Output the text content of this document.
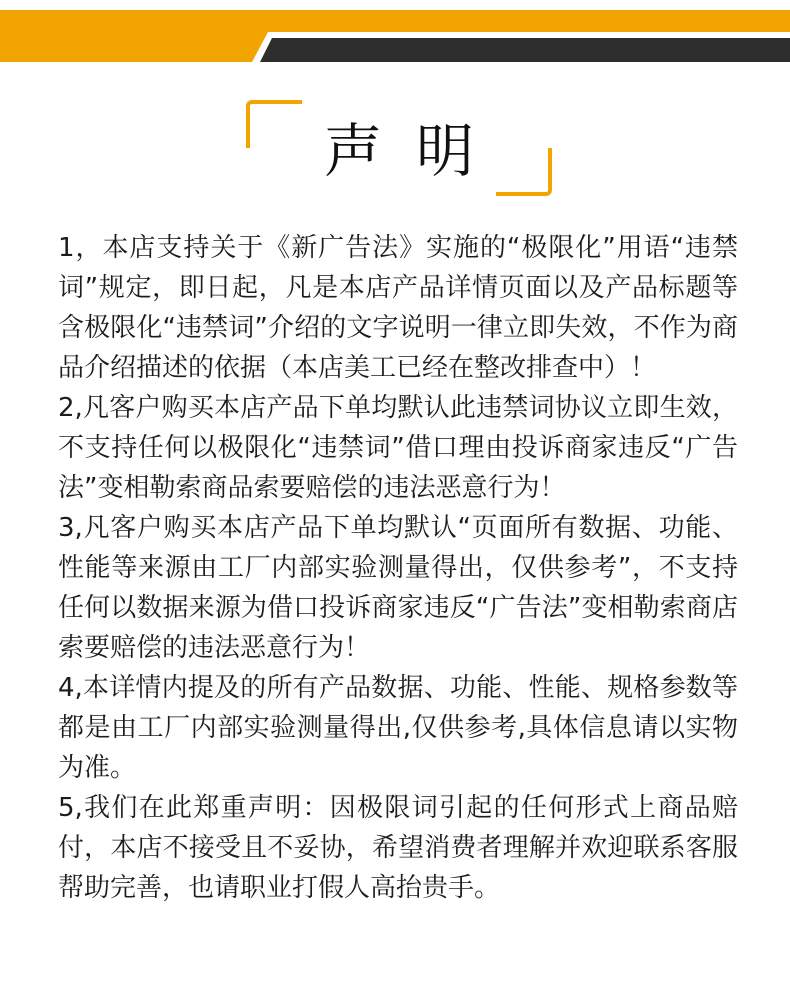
声明

1，本店支持关于《新广告法》实施的“极限化”用语“违禁词”规定，即日起，凡是本店产品详情页面以及产品标题等含极限化“违禁词”介绍的文字说明一律立即失效，不作为商品介绍描述的依据（本店美工已经在整改排查中）！

2,凡客户购买本店产品下单均默认此违禁词协议立即生效，不支持任何以极限化“违禁词”借口理由投诉商家违反“广告法”变相勒索商品索要赔偿的违法恶意行为！

3,凡客户购买本店产品下单均默认“页面所有数据、功能、性能等来源由工厂内部实验测量得出，仅供参考”，不支持任何以数据来源为借口投诉商家违反“广告法”变相勒索商店索要赔偿的违法恶意行为！

4,本详情内提及的所有产品数据、功能、性能、规格参数等都是由工厂内部实验测量得出,仅供参考,具体信息请以实物为准。

5,我们在此郑重声明：因极限词引起的任何形式上商品赔付，本店不接受且不妥协，希望消费者理解并欢迎联系客服帮助完善，也请职业打假人高抬贵手。
